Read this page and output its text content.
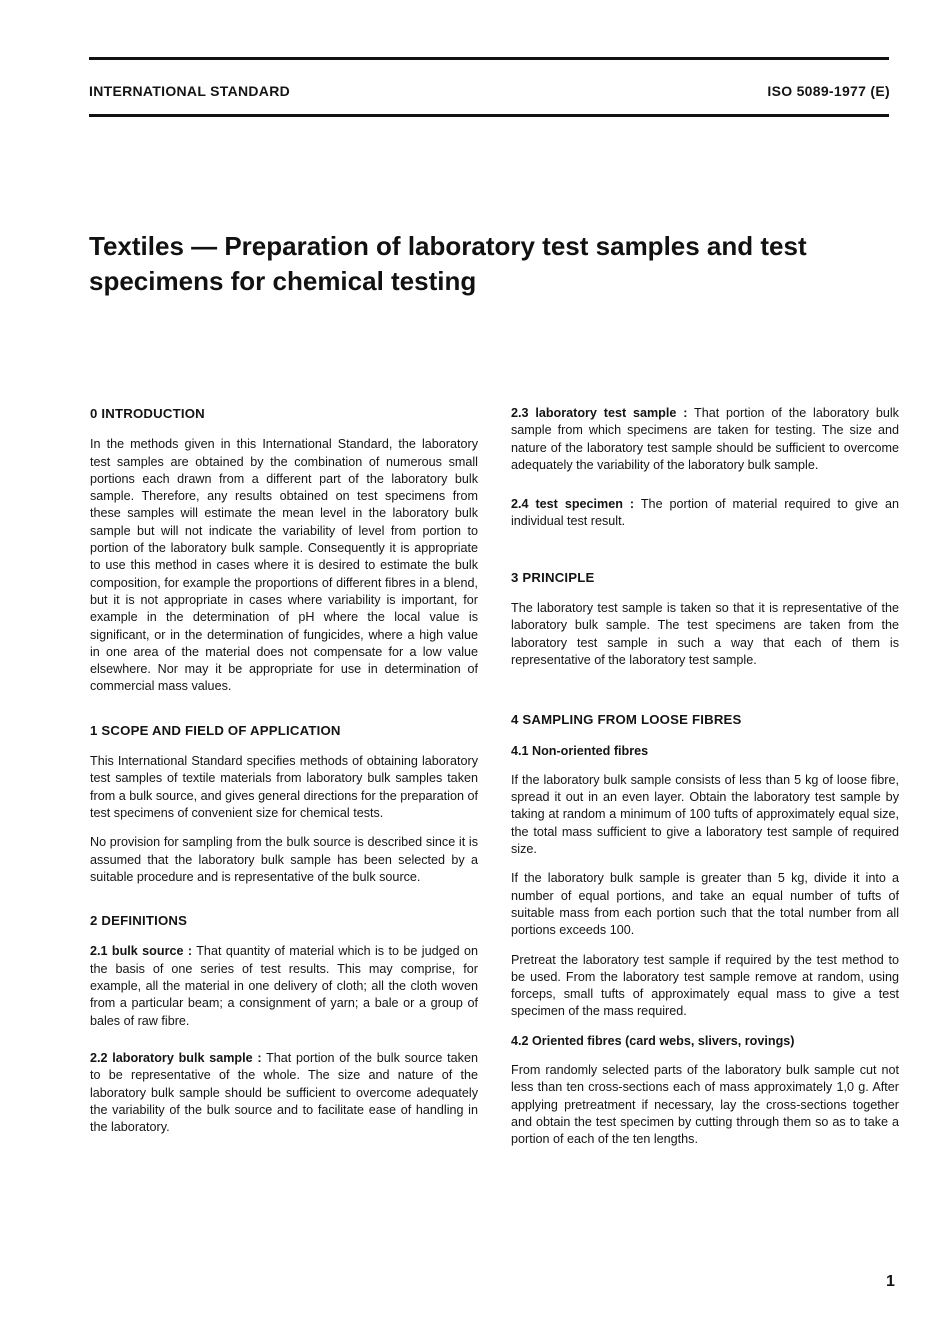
INTERNATIONAL STANDARD	ISO 5089-1977 (E)
Textiles — Preparation of laboratory test samples and test
specimens for chemical testing
0 INTRODUCTION

In the methods given in this International Standard, the laboratory test samples are obtained by the combination of numerous small portions each drawn from a different part of the laboratory bulk sample. Therefore, any results obtained on test specimens from these samples will estimate the mean level in the laboratory bulk sample but will not indicate the variability of level from portion to portion of the laboratory bulk sample. Consequently it is appropriate to use this method in cases where it is desired to estimate the bulk composition, for example the proportions of different fibres in a blend, but it is not appropriate in cases where variability is important, for example in the determination of pH where the local value is significant, or in the determination of fungicides, where a high value in one area of the material does not compensate for a low value elsewhere. Nor may it be appropriate for use in determination of commercial mass values.

1 SCOPE AND FIELD OF APPLICATION

This International Standard specifies methods of obtaining laboratory test samples of textile materials from laboratory bulk samples taken from a bulk source, and gives general directions for the preparation of test specimens of convenient size for chemical tests.

No provision for sampling from the bulk source is described since it is assumed that the laboratory bulk sample has been selected by a suitable procedure and is representative of the bulk source.

2 DEFINITIONS

2.1 bulk source : That quantity of material which is to be judged on the basis of one series of test results. This may comprise, for example, all the material in one delivery of cloth; all the cloth woven from a particular beam; a consignment of yarn; a bale or a group of bales of raw fibre.

2.2 laboratory bulk sample : That portion of the bulk source taken to be representative of the whole. The size and nature of the laboratory bulk sample should be sufficient to overcome adequately the variability of the bulk source and to facilitate ease of handling in the laboratory.

2.3 laboratory test sample : That portion of the laboratory bulk sample from which specimens are taken for testing. The size and nature of the laboratory test sample should be sufficient to overcome adequately the variability of the laboratory bulk sample.

2.4 test specimen : The portion of material required to give an individual test result.

3 PRINCIPLE

The laboratory test sample is taken so that it is representative of the laboratory bulk sample. The test specimens are taken from the laboratory test sample in such a way that each of them is representative of the laboratory test sample.

4 SAMPLING FROM LOOSE FIBRES
4.1 Non-oriented fibres

If the laboratory bulk sample consists of less than 5 kg of loose fibre, spread it out in an even layer. Obtain the laboratory test sample by taking at random a minimum of 100 tufts of approximately equal size, the total mass sufficient to give a laboratory test sample of required size.

If the laboratory bulk sample is greater than 5 kg, divide it into a number of equal portions, and take an equal number of tufts of suitable mass from each portion such that the total number from all portions exceeds 100.

Pretreat the laboratory test sample if required by the test method to be used. From the laboratory test sample remove at random, using forceps, small tufts of approximately equal mass to give a test specimen of the mass required.

4.2 Oriented fibres (card webs, slivers, rovings)

From randomly selected parts of the laboratory bulk sample cut not less than ten cross-sections each of mass approximately 1,0 g. After applying pretreatment if necessary, lay the cross-sections together and obtain the test specimen by cutting through them so as to take a portion of each of the ten lengths.

1
